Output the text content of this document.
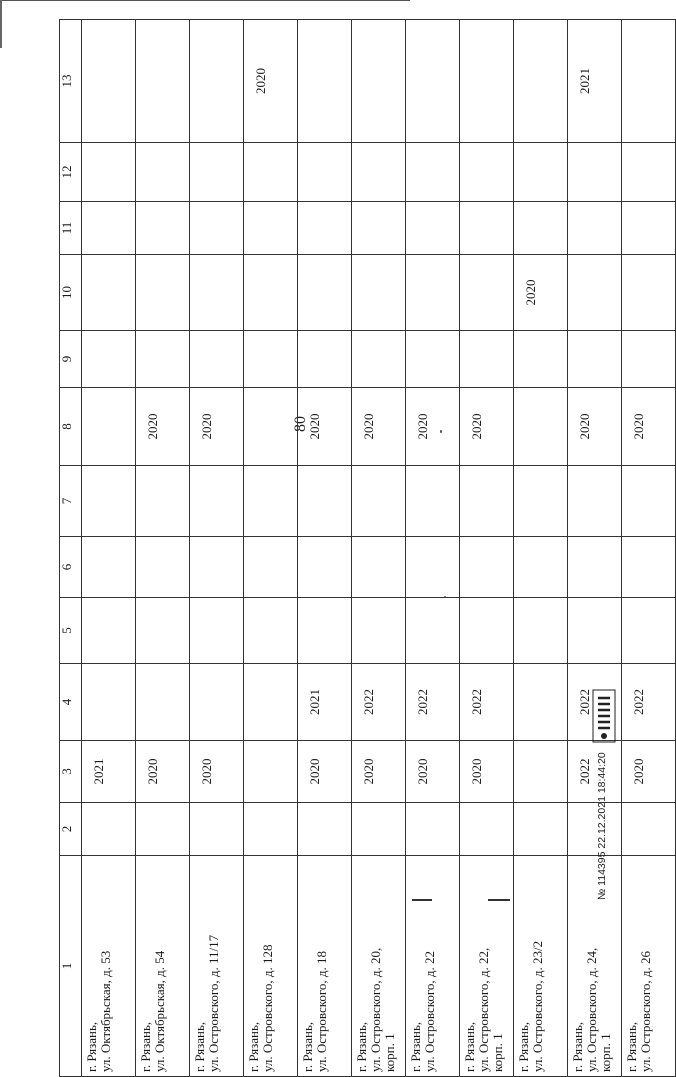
80
1	2	3	4	5	6	7	8	9	10	11	12	13
г. Рязань,
ул. Октябрьская, д. 53		2021										
г. Рязань,
ул. Октябрьская, д. 54		2020					2020					
г. Рязань,
ул. Островского, д. 11/17		2020					2020					
г. Рязань,
ул. Островского, д. 128												2020
г. Рязань,
ул. Островского, д. 18		2020	2021				2020					
г. Рязань,
ул. Островского, д. 20,
корп. 1		2020	2022				2020					
г. Рязань,
ул. Островского, д. 22		2020	2022				2020					
г. Рязань,
ул. Островского, д. 22,
корп. 1		2020	2022				2020					
г. Рязань,
ул. Островского, д. 23/2									2020			
г. Рязань,
ул. Островского, д. 24,
корп. 1		2022	2022				2020					2021
г. Рязань,
ул. Островского, д. 26		2020	2022				2020					
№ 114395 22.12.2021 18:44:20
